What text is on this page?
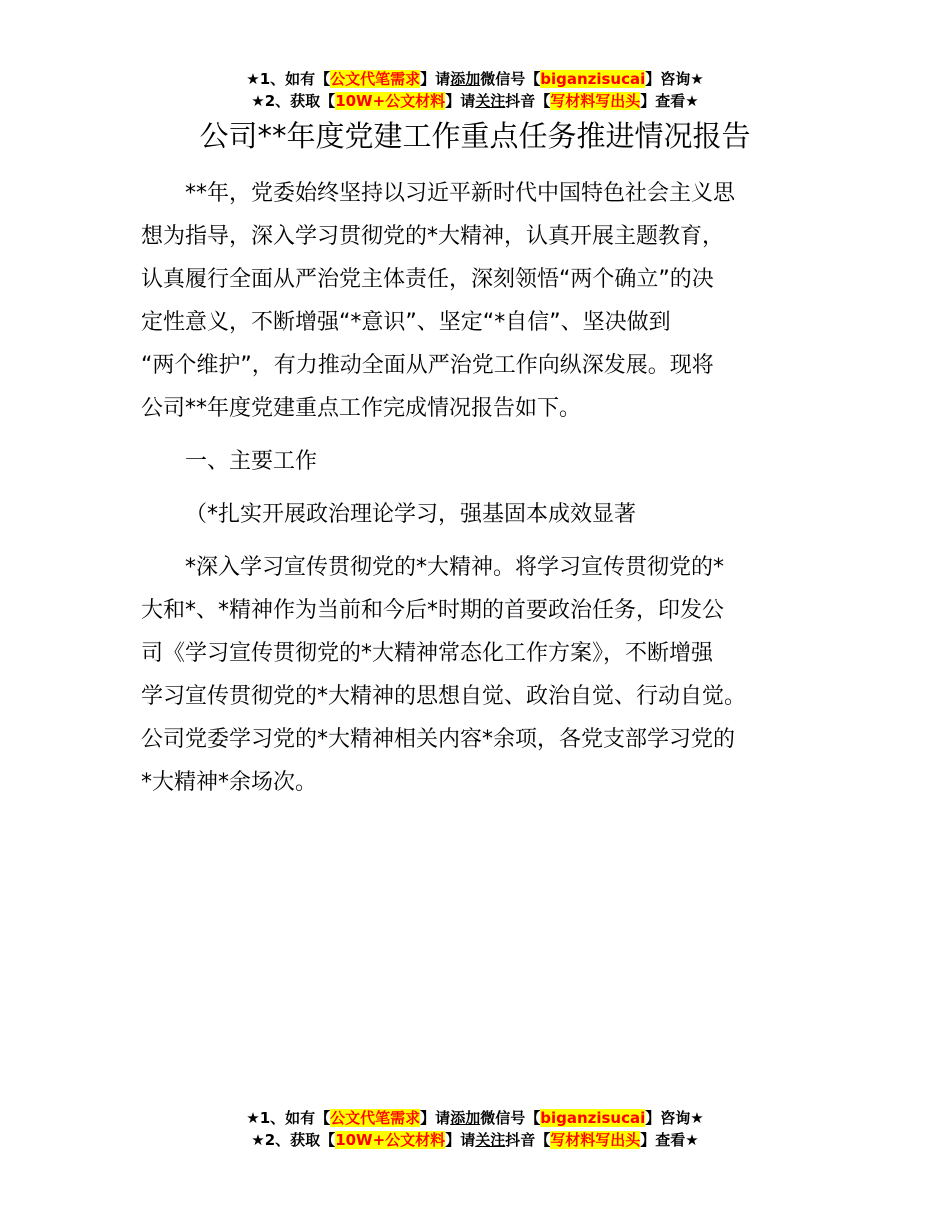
★1、如有【公文代笔需求】请添加微信号【biganzisucai】咨询★
★2、获取【10W+公文材料】请关注抖音【写材料写出头】查看★
公司**年度党建工作重点任务推进情况报告

**年，党委始终坚持以习近平新时代中国特色社会主义思
想为指导，深入学习贯彻党的*大精神，认真开展主题教育，
认真履行全面从严治党主体责任，深刻领悟“两个确立”的决
定性意义，不断增强“*意识”、坚定“*自信”、坚决做到
“两个维护”，有力推动全面从严治党工作向纵深发展。现将
公司**年度党建重点工作完成情况报告如下。

一、主要工作

（*扎实开展政治理论学习，强基固本成效显著

*深入学习宣传贯彻党的*大精神。将学习宣传贯彻党的*
大和*、*精神作为当前和今后*时期的首要政治任务，印发公
司《学习宣传贯彻党的*大精神常态化工作方案》，不断增强
学习宣传贯彻党的*大精神的思想自觉、政治自觉、行动自觉。
公司党委学习党的*大精神相关内容*余项，各党支部学习党的
*大精神*余场次。

★1、如有【公文代笔需求】请添加微信号【biganzisucai】咨询★
★2、获取【10W+公文材料】请关注抖音【写材料写出头】查看★
